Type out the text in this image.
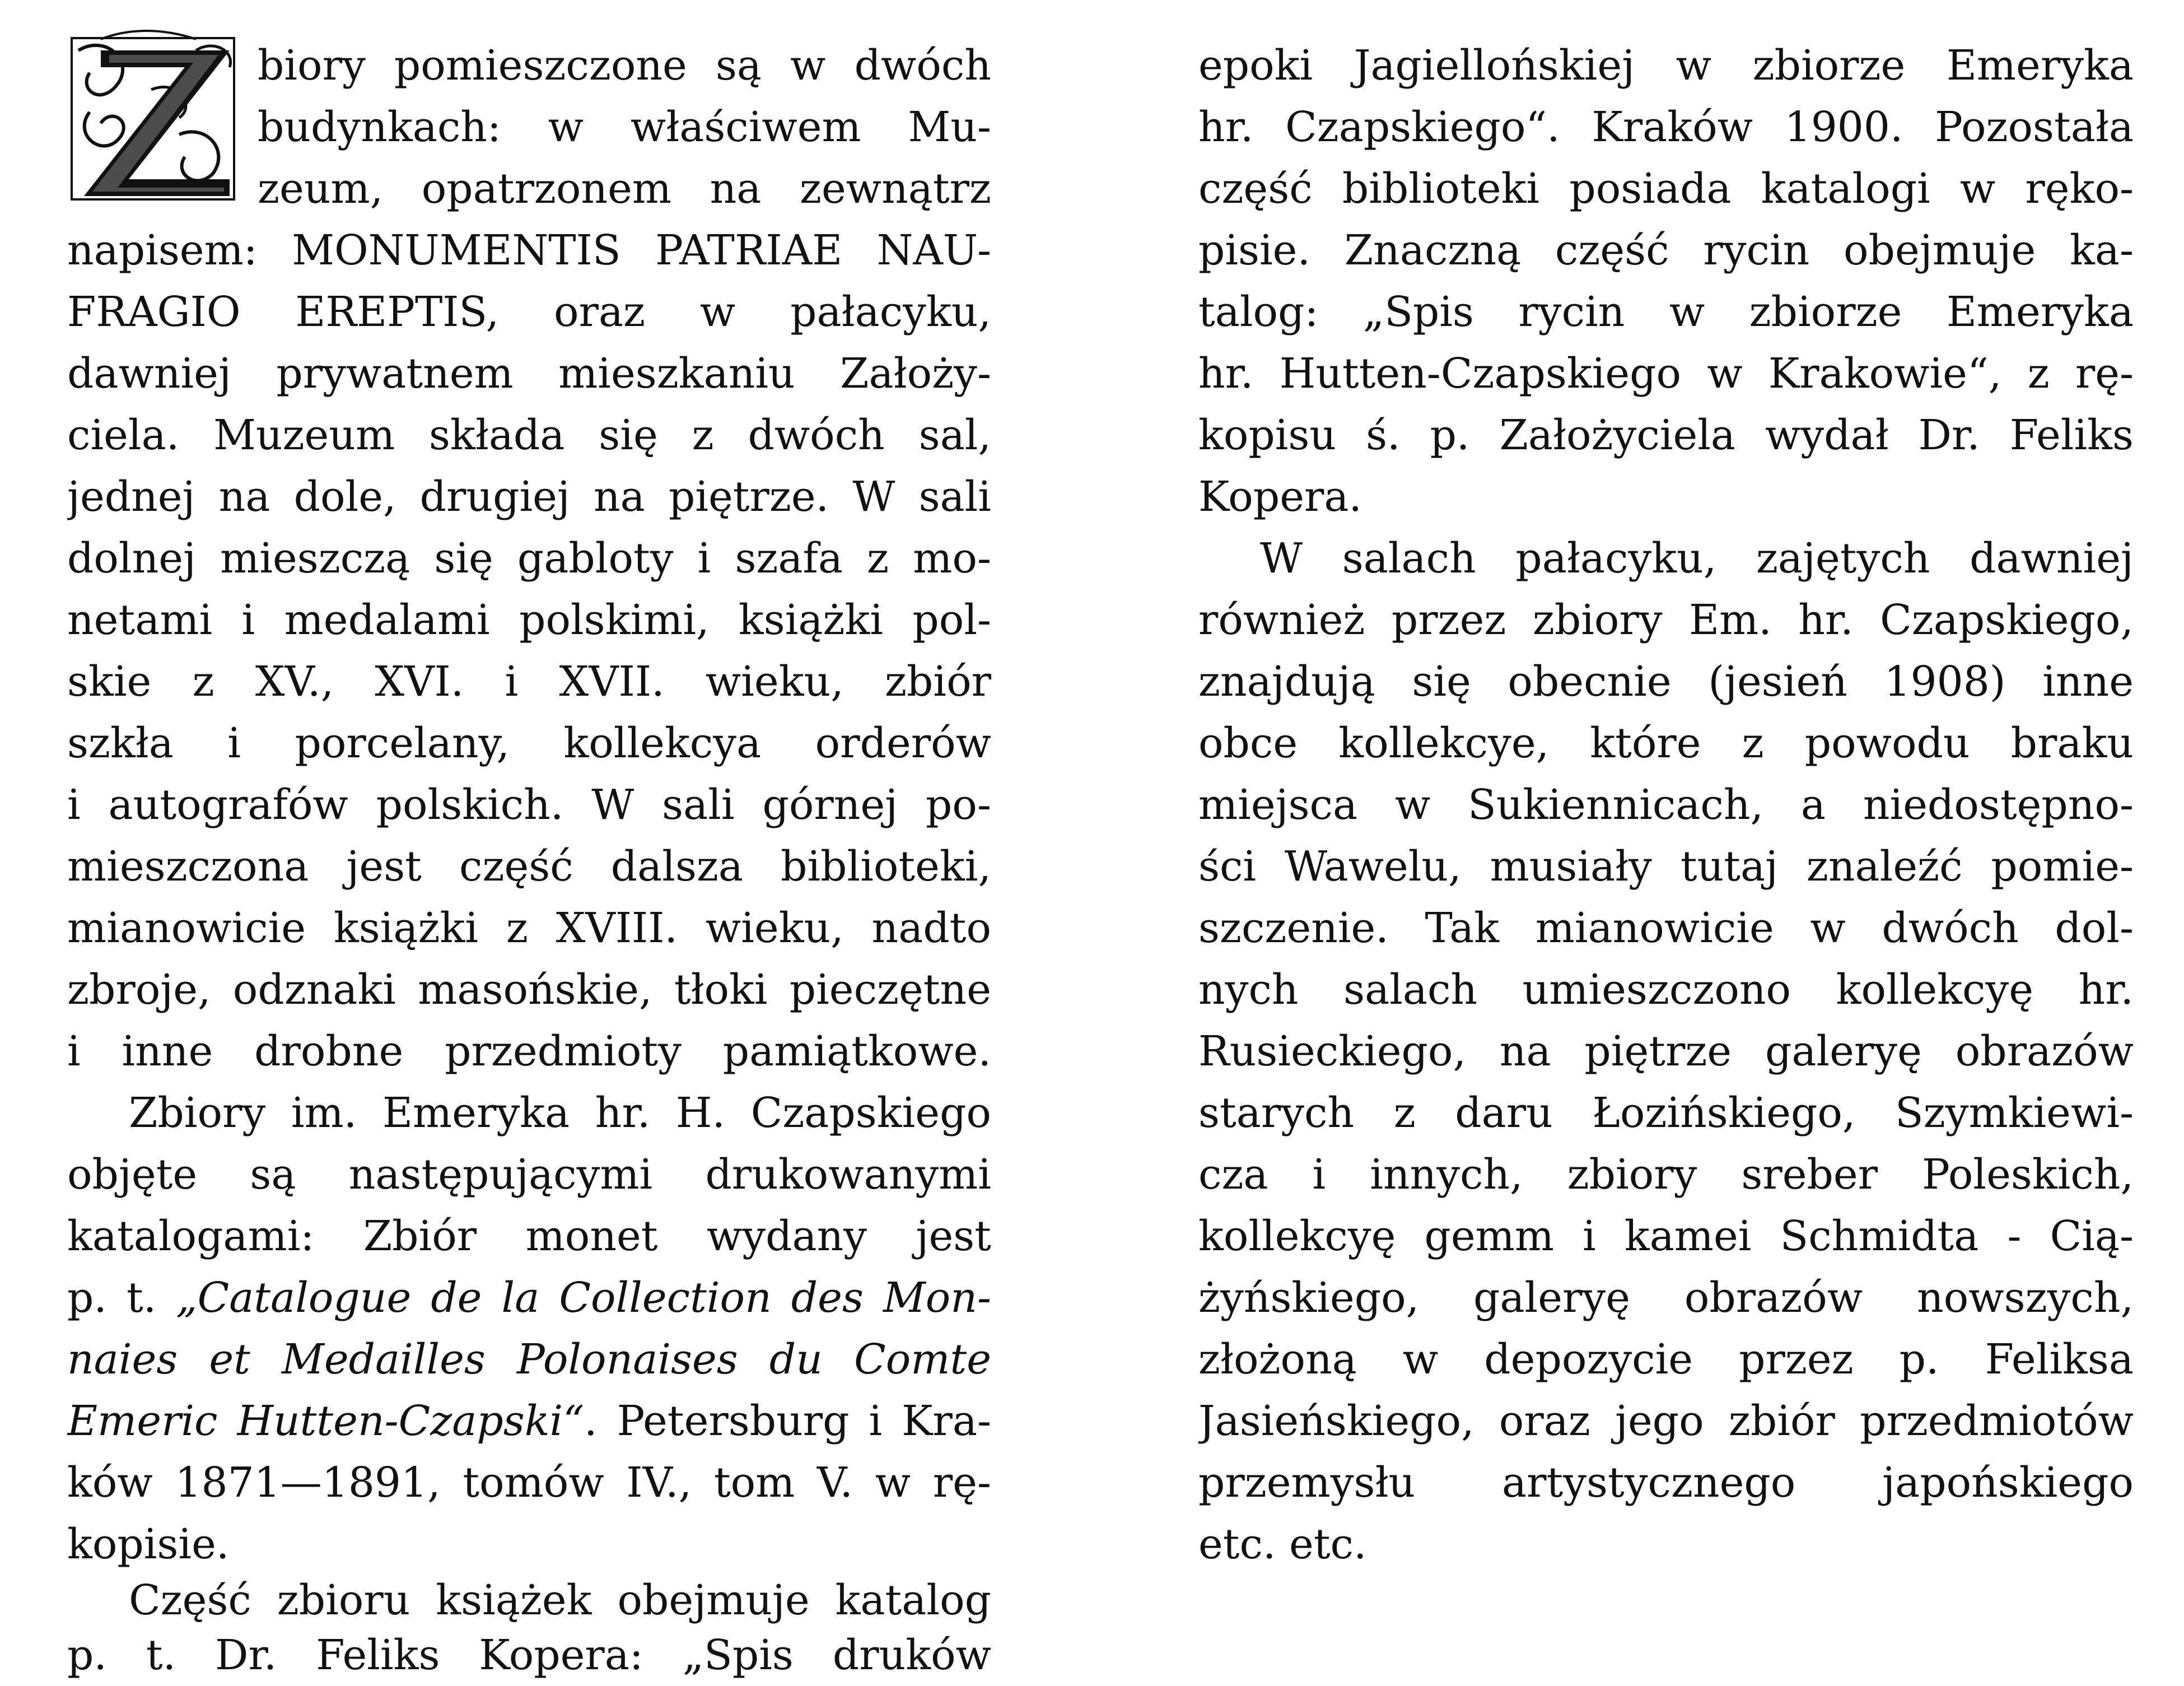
biory pomieszczone są w dwóch
budynkach: w właściwem Mu-
zeum, opatrzonem na zewnątrz
napisem: MONUMENTIS PATRIAE NAU-
FRAGIO EREPTIS, oraz w pałacyku,
dawniej prywatnem mieszkaniu Założy-
ciela. Muzeum składa się z dwóch sal,
jednej na dole, drugiej na piętrze. W sali
dolnej mieszczą się gabloty i szafa z mo-
netami i medalami polskimi, książki pol-
skie z XV., XVI. i XVII. wieku, zbiór
szkła i porcelany, kollekcya orderów
i autografów polskich. W sali górnej po-
mieszczona jest część dalsza biblioteki,
mianowicie książki z XVIII. wieku, nadto
zbroje, odznaki masońskie, tłoki pieczętne
i inne drobne przedmioty pamiątkowe.
Zbiory im. Emeryka hr. H. Czapskiego
objęte są następującymi drukowanymi
katalogami: Zbiór monet wydany jest
p. t. „Catalogue de la Collection des Mon-
naies et Medailles Polonaises du Comte
Emeric Hutten-Czapski“. Petersburg i Kra-
ków 1871—1891, tomów IV., tom V. w rę-
kopisie.
Część zbioru książek obejmuje katalog
p. t. Dr. Feliks Kopera: „Spis druków
epoki Jagiellońskiej w zbiorze Emeryka
hr. Czapskiego“. Kraków 1900. Pozostała
część biblioteki posiada katalogi w ręko-
pisie. Znaczną część rycin obejmuje ka-
talog: „Spis rycin w zbiorze Emeryka
hr. Hutten-Czapskiego w Krakowie“, z rę-
kopisu ś. p. Założyciela wydał Dr. Feliks
Kopera.
W salach pałacyku, zajętych dawniej
również przez zbiory Em. hr. Czapskiego,
znajdują się obecnie (jesień 1908) inne
obce kollekcye, które z powodu braku
miejsca w Sukiennicach, a niedostępno-
ści Wawelu, musiały tutaj znaleźć pomie-
szczenie. Tak mianowicie w dwóch dol-
nych salach umieszczono kollekcyę hr.
Rusieckiego, na piętrze galeryę obrazów
starych z daru Łozińskiego, Szymkiewi-
cza i innych, zbiory sreber Poleskich,
kollekcyę gemm i kamei Schmidta - Cią-
żyńskiego, galeryę obrazów nowszych,
złożoną w depozycie przez p. Feliksa
Jasieńskiego, oraz jego zbiór przedmiotów
przemysłu artystycznego japońskiego
etc. etc.
